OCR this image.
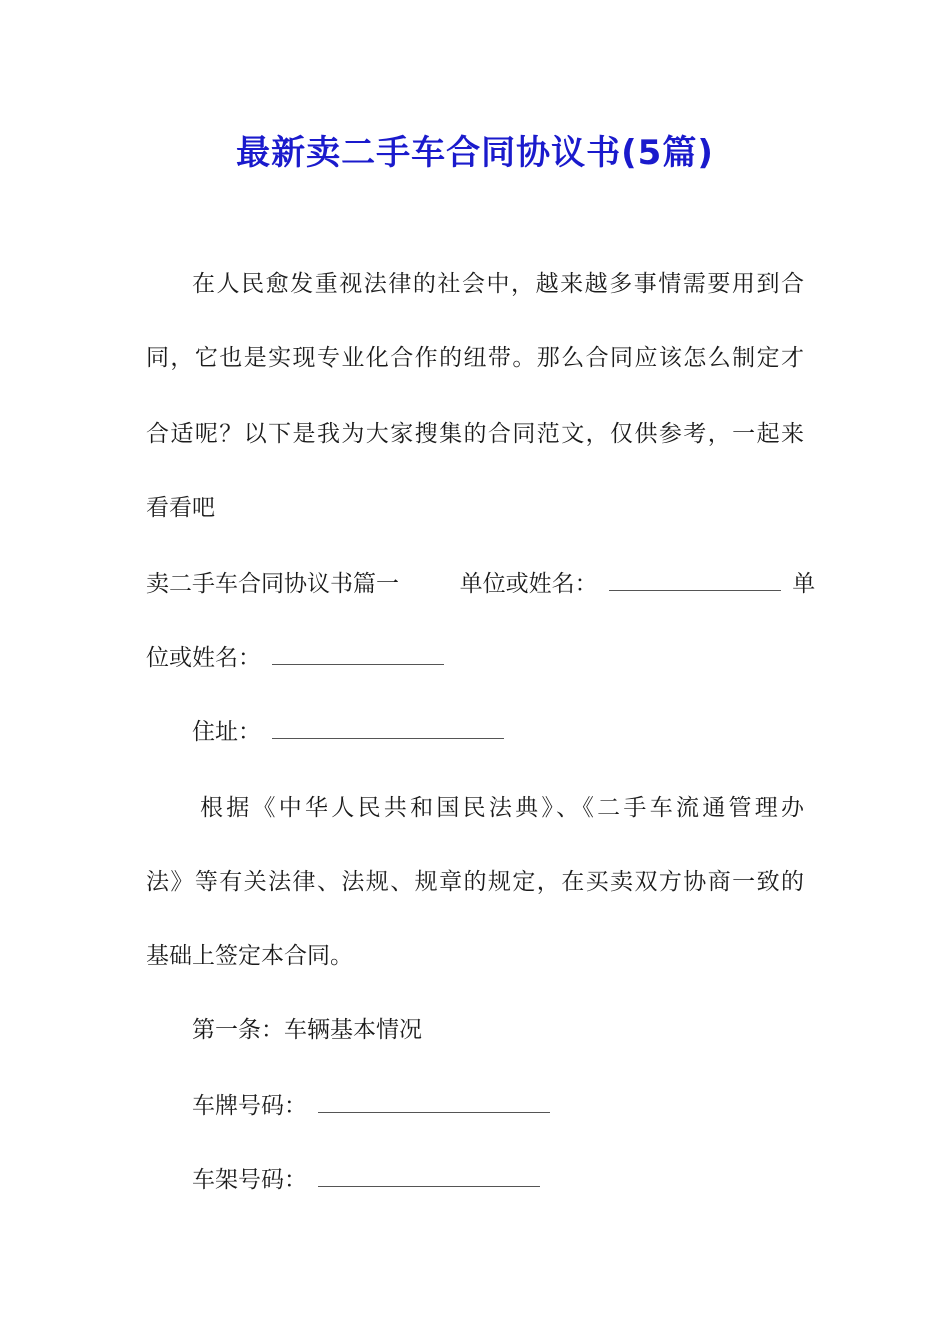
最新卖二手车合同协议书(5篇)

在人民愈发重视法律的社会中，越来越多事情需要用到合

同，它也是实现专业化合作的纽带。那么合同应该怎么制定才

合适呢？以下是我为大家搜集的合同范文，仅供参考，一起来

看看吧

卖二手车合同协议书篇一	单位或姓名：	单

位或姓名：

住址：

根据《中华人民共和国民法典》、《二手车流通管理办

法》等有关法律、法规、规章的规定，在买卖双方协商一致的

基础上签定本合同。

第一条：车辆基本情况

车牌号码：

车架号码：
